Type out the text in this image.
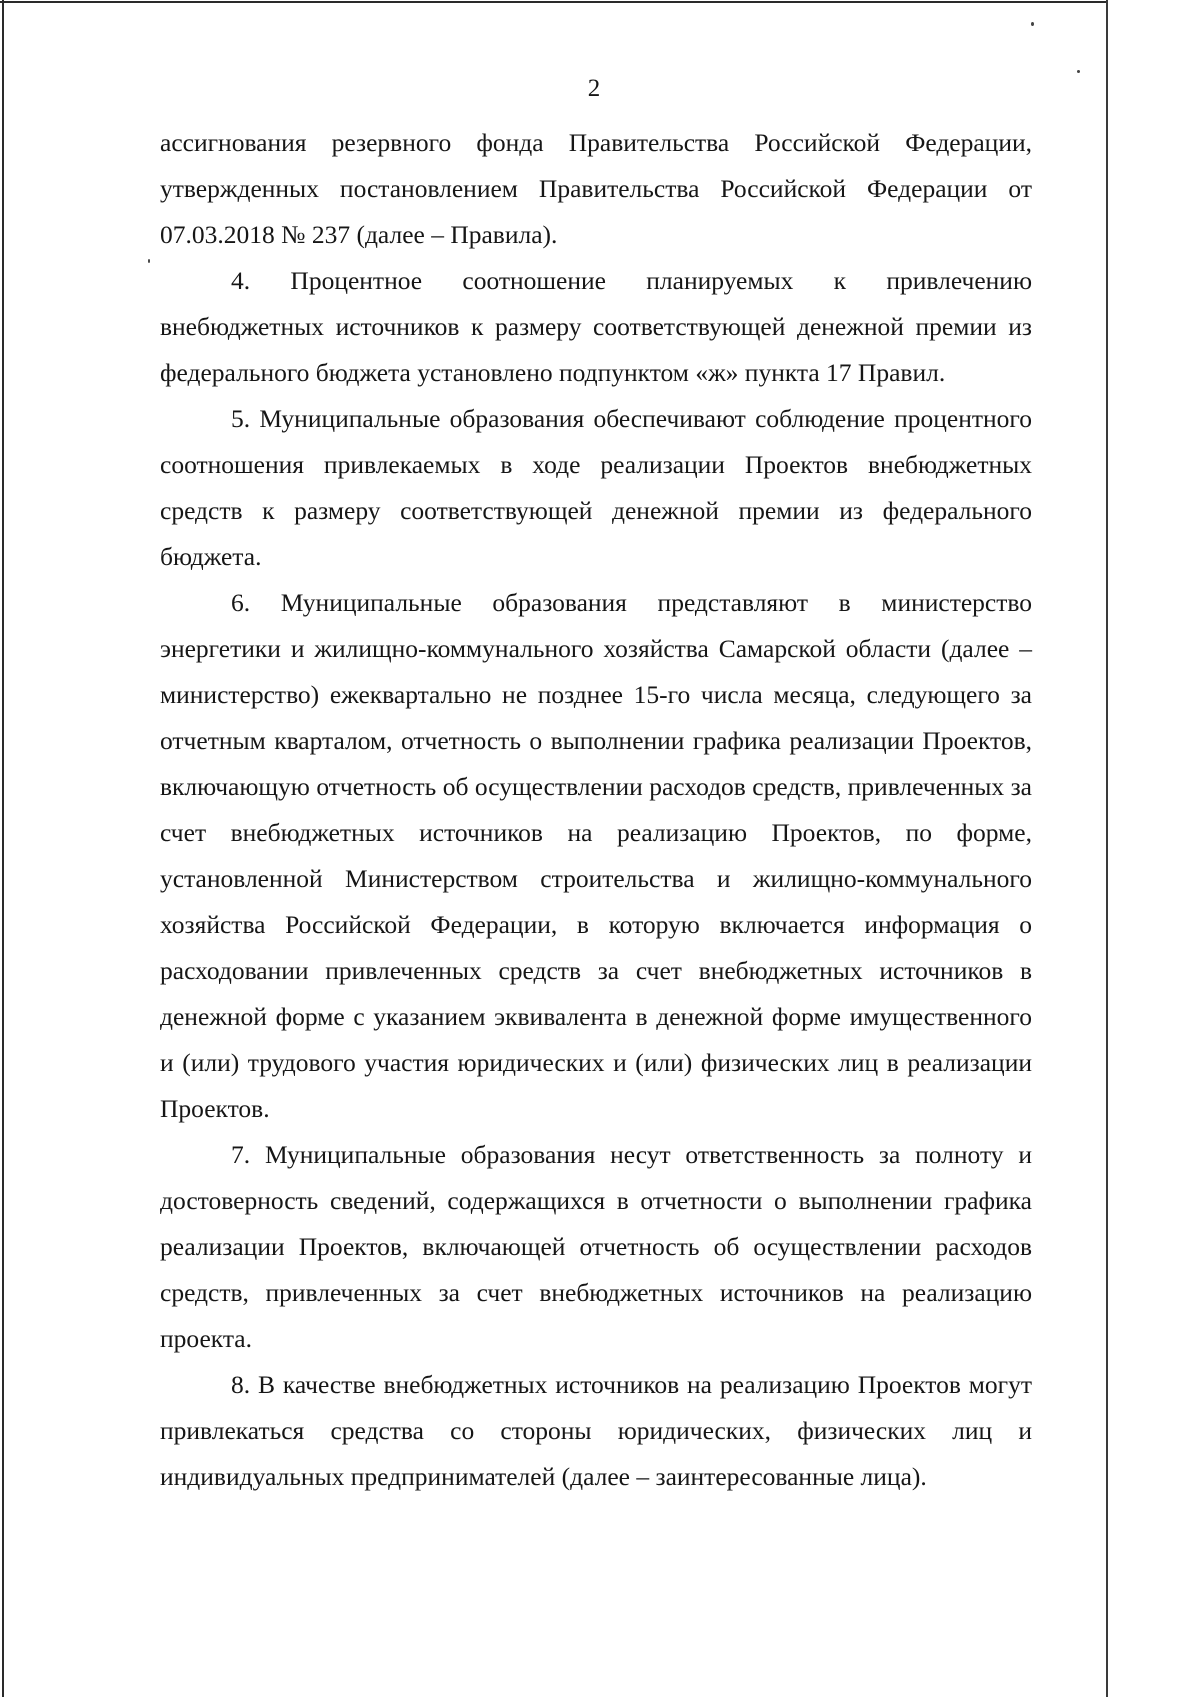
2

ассигнования резервного фонда Правительства Российской Федерации, утвержденных постановлением Правительства Российской Федерации от 07.03.2018 № 237 (далее – Правила).

4. Процентное соотношение планируемых к привлечению внебюджетных источников к размеру соответствующей денежной премии из федерального бюджета установлено подпунктом «ж» пункта 17 Правил.

5. Муниципальные образования обеспечивают соблюдение процентного соотношения привлекаемых в ходе реализации Проектов внебюджетных средств к размеру соответствующей денежной премии из федерального бюджета.

6. Муниципальные образования представляют в министерство энергетики и жилищно-коммунального хозяйства Самарской области (далее – министерство) ежеквартально не позднее 15-го числа месяца, следующего за отчетным кварталом, отчетность о выполнении графика реализации Проектов, включающую отчетность об осуществлении расходов средств, привлеченных за счет внебюджетных источников на реализацию Проектов, по форме, установленной Министерством строительства и жилищно-коммунального хозяйства Российской Федерации, в которую включается информация о расходовании привлеченных средств за счет внебюджетных источников в денежной форме с указанием эквивалента в денежной форме имущественного и (или) трудового участия юридических и (или) физических лиц в реализации Проектов.

7. Муниципальные образования несут ответственность за полноту и достоверность сведений, содержащихся в отчетности о выполнении графика реализации Проектов, включающей отчетность об осуществлении расходов средств, привлеченных за счет внебюджетных источников на реализацию проекта.

8. В качестве внебюджетных источников на реализацию Проектов могут привлекаться средства со стороны юридических, физических лиц и индивидуальных предпринимателей (далее – заинтересованные лица).
